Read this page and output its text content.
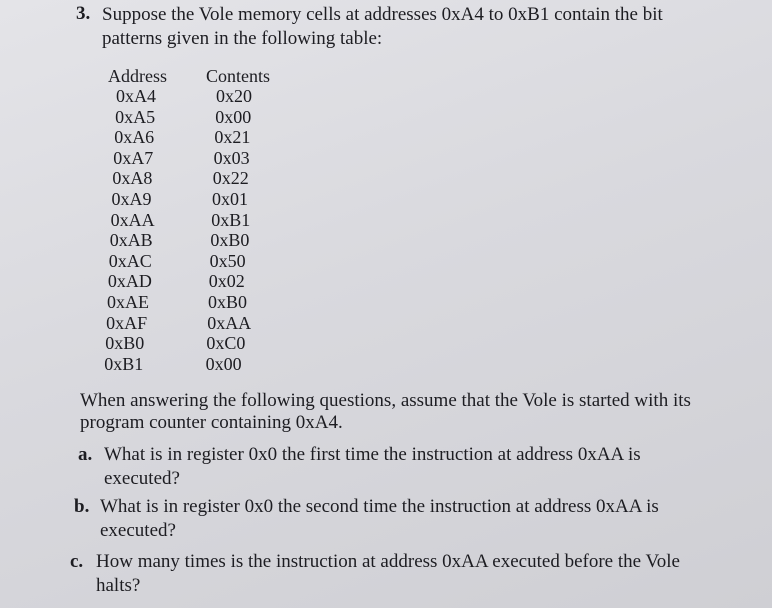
3. Suppose the Vole memory cells at addresses 0xA4 to 0xB1 contain the bit patterns given in the following table:
Address Contents
0xA4	0x20
0xA5	0x00
0xA6	0x21
0xA7	0x03
0xA8	0x22
0xA9	0x01
0xAA	0xB1
0xAB	0xB0
0xAC	0x50
0xAD	0x02
0xAE	0xB0
0xAF	0xAA
0xB0	0xC0
0xB1	0x00
When answering the following questions, assume that the Vole is started with its program counter containing 0xA4.
a. What is in register 0x0 the first time the instruction at address 0xAA is executed?
b. What is in register 0x0 the second time the instruction at address 0xAA is executed?
c. How many times is the instruction at address 0xAA executed before the Vole halts?
